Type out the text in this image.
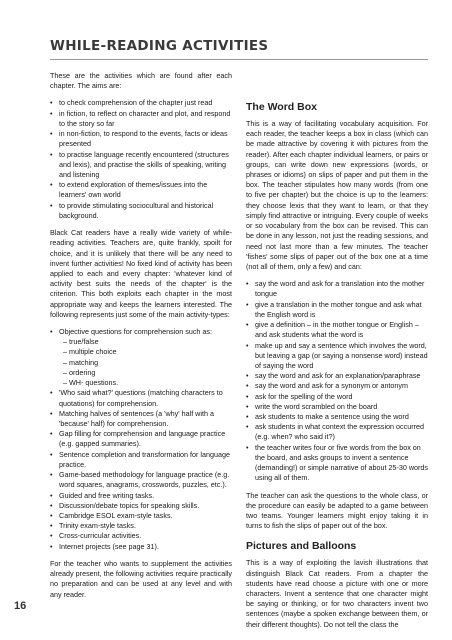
WHILE-READING ACTIVITIES

These are the activities which are found after each chapter. The aims are:

• to check comprehension of the chapter just read
• in fiction, to reflect on character and plot, and respond to the story so far
• in non-fiction, to respond to the events, facts or ideas presented
• to practise language recently encountered (structures and lexis), and practise the skills of speaking, writing and listening
• to extend exploration of themes/issues into the learners' own world
• to provide stimulating sociocultural and historical background.

Black Cat readers have a really wide variety of while-reading activities. Teachers are, quite frankly, spoilt for choice, and it is unlikely that there will be any need to invent further activities! No fixed kind of activity has been applied to each and every chapter: 'whatever kind of activity best suits the needs of the chapter' is the criterion. This both exploits each chapter in the most appropriate way and keeps the learners interested. The following represents just some of the main activity-types:

• Objective questions for comprehension such as:
– true/false
– multiple choice
– matching
– ordering
– WH- questions.
• 'Who said what?' questions (matching characters to quotations) for comprehension.
• Matching halves of sentences (a 'why' half with a 'because' half) for comprehension.
• Gap filling for comprehension and language practice (e.g. gapped summaries).
• Sentence completion and transformation for language practice.
• Game-based methodology for language practice (e.g. word squares, anagrams, crosswords, puzzles, etc.).
• Guided and free writing tasks.
• Discussion/debate topics for speaking skills.
• Cambridge ESOL exam-style tasks.
• Trinity exam-style tasks.
• Cross-curricular activities.
• Internet projects (see page 31).

For the teacher who wants to supplement the activities already present, the following activities require practically no preparation and can be used at any level and with any reader.

The Word Box

This is a way of facilitating vocabulary acquisition. For each reader, the teacher keeps a box in class (which can be made attractive by covering it with pictures from the reader). After each chapter individual learners, or pairs or groups, can write down new expressions (words, or phrases or idioms) on slips of paper and put them in the box. The teacher stipulates how many words (from one to five per chapter) but the choice is up to the learners: they choose lexis that they want to learn, or that they simply find attractive or intriguing. Every couple of weeks or so vocabulary from the box can be revised. This can be done in any lesson, not just the reading sessions, and need not last more than a few minutes. The teacher 'fishes' some slips of paper out of the box one at a time (not all of them, only a few) and can:

• say the word and ask for a translation into the mother tongue
• give a translation in the mother tongue and ask what the English word is
• give a definition – in the mother tongue or English – and ask students what the word is
• make up and say a sentence which involves the word, but leaving a gap (or saying a nonsense word) instead of saying the word
• say the word and ask for an explanation/paraphrase
• say the word and ask for a synonym or antonym
• ask for the spelling of the word
• write the word scrambled on the board
• ask students to make a sentence using the word
• ask students in what context the expression occurred (e.g. when? who said it?)
• the teacher writes four or five words from the box on the board, and asks groups to invent a sentence (demanding!) or simple narrative of about 25-30 words using all of them.

The teacher can ask the questions to the whole class, or the procedure can easily be adapted to a game between two teams. Younger learners might enjoy taking it in turns to fish the slips of paper out of the box.

Pictures and Balloons

This is a way of exploiting the lavish illustrations that distinguish Black Cat readers. From a chapter the students have read choose a picture with one or more characters. Invent a sentence that one character might be saying or thinking, or for two characters invent two sentences (maybe a spoken exchange between them, or their different thoughts). Do not tell the class the

16
